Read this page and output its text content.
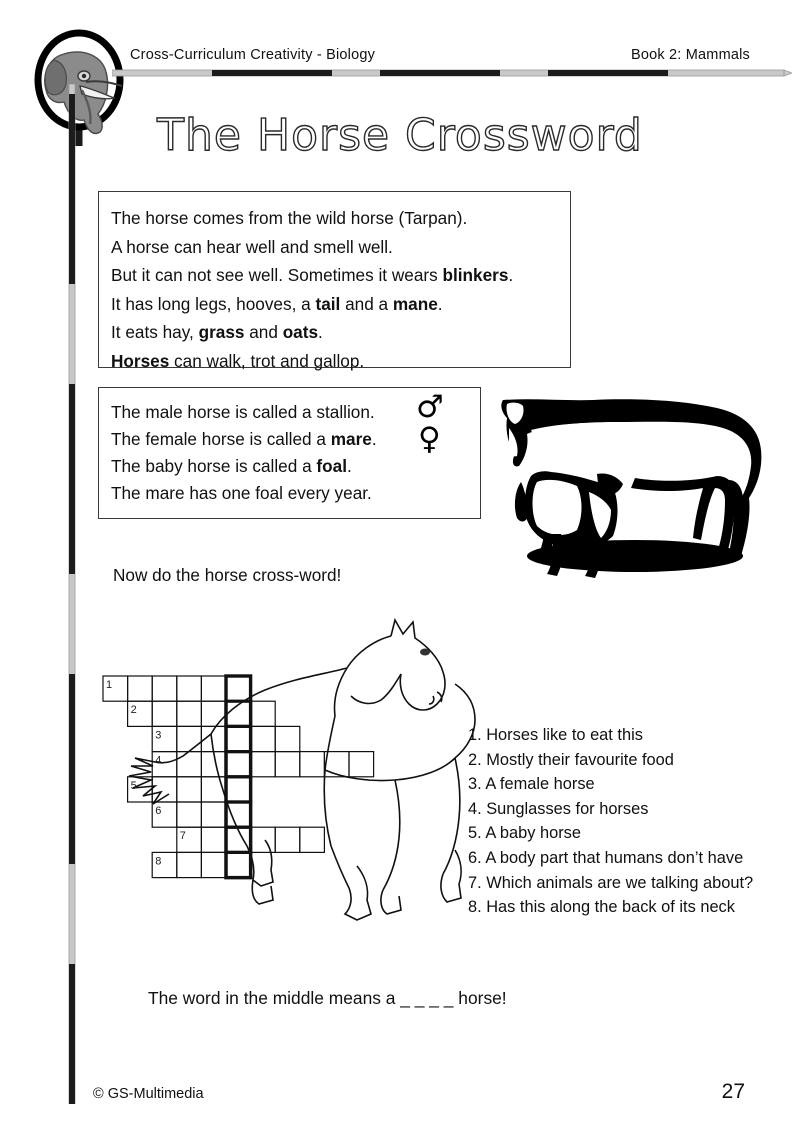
Cross-Curriculum Creativity - Biology	Book 2: Mammals
The Horse Crossword
The horse comes from the wild horse (Tarpan).
A horse can hear well and smell well.
But it can not see well. Sometimes it wears blinkers.
It has long legs, hooves, a tail and a mane.
It eats hay, grass and oats.
Horses can walk, trot and gallop.
The male horse is called a stallion.
The female horse is called a mare.
The baby horse is called a foal.
The mare has one foal every year.
♂
♀
Now do the horse cross-word!
1
2
3
4
5
6
7
8
1. Horses like to eat this
2. Mostly their favourite food
3. A female horse
4. Sunglasses for horses
5. A baby horse
6. A body part that humans don’t have
7. Which animals are we talking about?
8. Has this along the back of its neck
The word in the middle means a _ _ _ _ horse!
© GS-Multimedia	27
